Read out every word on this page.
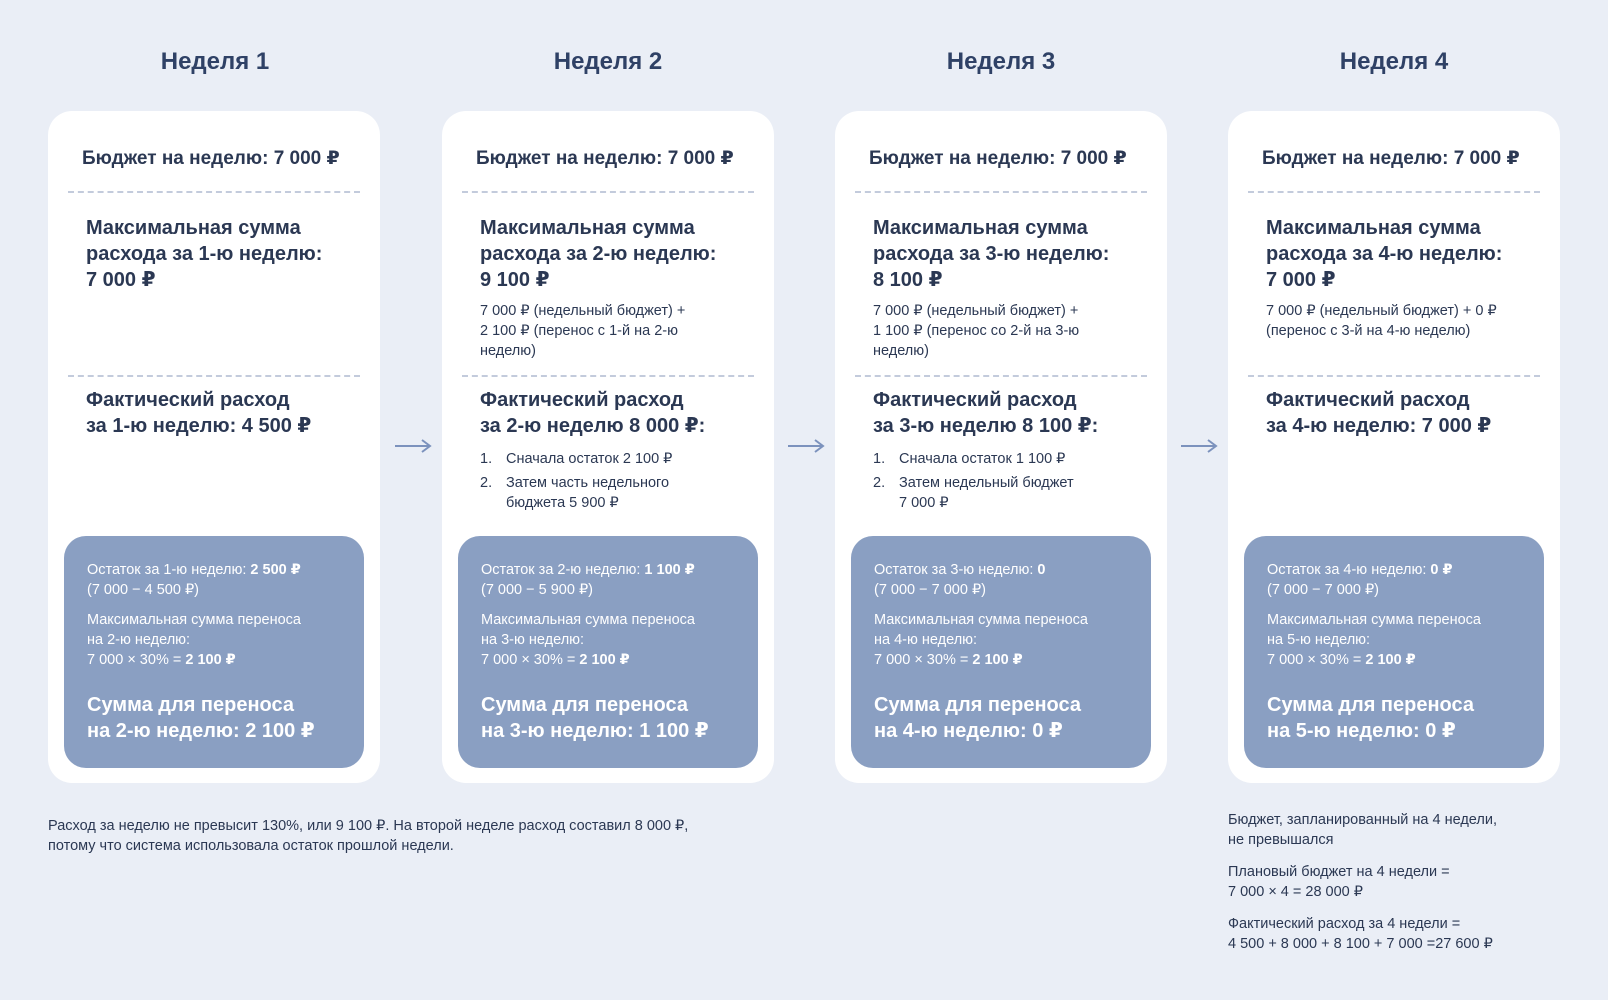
Неделя 1	Неделя 2	Неделя 3	Неделя 4
Бюджет на неделю: 7 000 ₽
Максимальная сумма
расхода за 1-ю неделю:
7 000 ₽
Фактический расход
за 1-ю неделю: 4 500 ₽
Остаток за 1-ю неделю: 2 500 ₽
(7 000 − 4 500 ₽)
Максимальная сумма переноса
на 2-ю неделю:
7 000 × 30% = 2 100 ₽
Сумма для переноса
на 2-ю неделю: 2 100 ₽
Бюджет на неделю: 7 000 ₽
Максимальная сумма
расхода за 2-ю неделю:
9 100 ₽
7 000 ₽ (недельный бюджет) +
2 100 ₽ (перенос с 1-й на 2-ю
неделю)
Фактический расход
за 2-ю неделю 8 000 ₽:
1. Сначала остаток 2 100 ₽
2. Затем часть недельного
бюджета 5 900 ₽
Остаток за 2-ю неделю: 1 100 ₽
(7 000 − 5 900 ₽)
Максимальная сумма переноса
на 3-ю неделю:
7 000 × 30% = 2 100 ₽
Сумма для переноса
на 3-ю неделю: 1 100 ₽
Бюджет на неделю: 7 000 ₽
Максимальная сумма
расхода за 3-ю неделю:
8 100 ₽
7 000 ₽ (недельный бюджет) +
1 100 ₽ (перенос со 2-й на 3-ю
неделю)
Фактический расход
за 3-ю неделю 8 100 ₽:
1. Сначала остаток 1 100 ₽
2. Затем недельный бюджет
7 000 ₽
Остаток за 3-ю неделю: 0
(7 000 − 7 000 ₽)
Максимальная сумма переноса
на 4-ю неделю:
7 000 × 30% = 2 100 ₽
Сумма для переноса
на 4-ю неделю: 0 ₽
Бюджет на неделю: 7 000 ₽
Максимальная сумма
расхода за 4-ю неделю:
7 000 ₽
7 000 ₽ (недельный бюджет) + 0 ₽
(перенос с 3-й на 4-ю неделю)
Фактический расход
за 4-ю неделю: 7 000 ₽
Остаток за 4-ю неделю: 0 ₽
(7 000 − 7 000 ₽)
Максимальная сумма переноса
на 5-ю неделю:
7 000 × 30% = 2 100 ₽
Сумма для переноса
на 5-ю неделю: 0 ₽
Расход за неделю не превысит 130%, или 9 100 ₽. На второй неделе расход составил 8 000 ₽,
потому что система использовала остаток прошлой недели.
Бюджет, запланированный на 4 недели,
не превышался
Плановый бюджет на 4 недели =
7 000 × 4 = 28 000 ₽
Фактический расход за 4 недели =
4 500 + 8 000 + 8 100 + 7 000 =27 600 ₽
